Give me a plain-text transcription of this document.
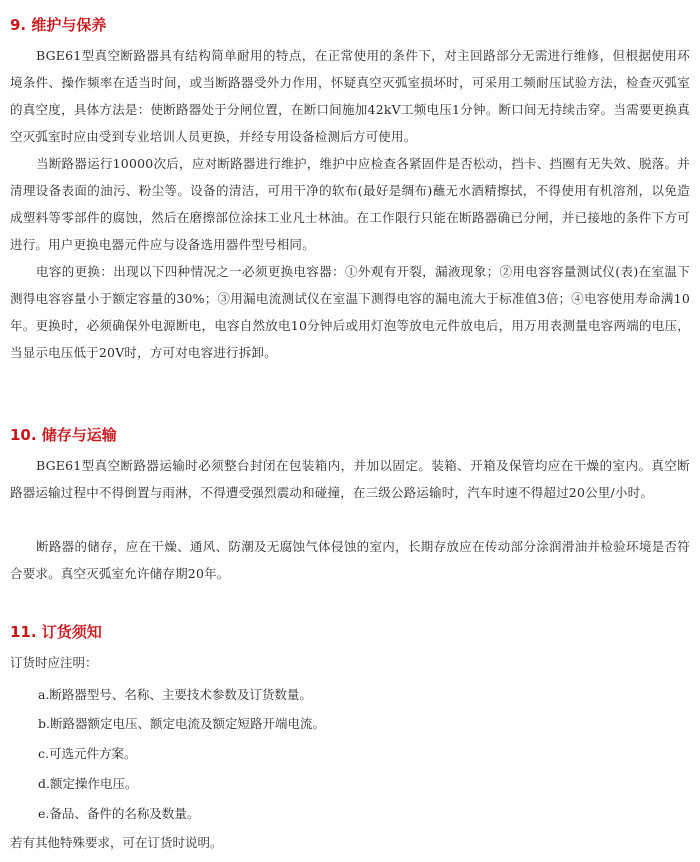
9. 维护与保养

BGE61型真空断路器具有结构简单耐用的特点，在正常使用的条件下，对主回路部分无需进行维修，但根据使用环境条件、操作频率在适当时间，或当断路器受外力作用，怀疑真空灭弧室损坏时，可采用工频耐压试验方法，检查灭弧室的真空度，具体方法是：使断路器处于分闸位置，在断口间施加42kV工频电压1分钟。断口间无持续击穿。当需要更换真空灭弧室时应由受到专业培训人员更换，并经专用设备检测后方可使用。

当断路器运行10000次后，应对断路器进行维护，维护中应检查各紧固件是否松动，挡卡、挡圈有无失效、脱落。并清理设备表面的油污、粉尘等。设备的清洁，可用干净的软布(最好是绸布)蘸无水酒精擦拭，不得使用有机溶剂，以免造成塑料等零部件的腐蚀，然后在磨擦部位涂抹工业凡士林油。在工作限行只能在断路器确已分闸，并已接地的条件下方可进行。用户更换电器元件应与设备选用器件型号相同。

电容的更换：出现以下四种情况之一必须更换电容器：①外观有开裂，漏液现象；②用电容容量测试仪(表)在室温下测得电容容量小于额定容量的30%；③用漏电流测试仪在室温下测得电容的漏电流大于标准值3倍；④电容使用寿命满10年。更换时，必须确保外电源断电，电容自然放电10分钟后或用灯泡等放电元件放电后，用万用表测量电容两端的电压，当显示电压低于20V时，方可对电容进行拆卸。

10. 储存与运输

BGE61型真空断路器运输时必须整台封闭在包装箱内，并加以固定。装箱、开箱及保管均应在干燥的室内。真空断路器运输过程中不得倒置与雨淋，不得遭受强烈震动和碰撞，在三级公路运输时，汽车时速不得超过20公里/小时。

断路器的储存，应在干燥、通风、防潮及无腐蚀气体侵蚀的室内，长期存放应在传动部分涂润滑油并检验环境是否符合要求。真空灭弧室允许储存期20年。

11. 订货须知

订货时应注明：

a.断路器型号、名称、主要技术参数及订货数量。

b.断路器额定电压、额定电流及额定短路开端电流。

c.可选元件方案。

d.额定操作电压。

e.备品、备件的名称及数量。

若有其他特殊要求，可在订货时说明。
